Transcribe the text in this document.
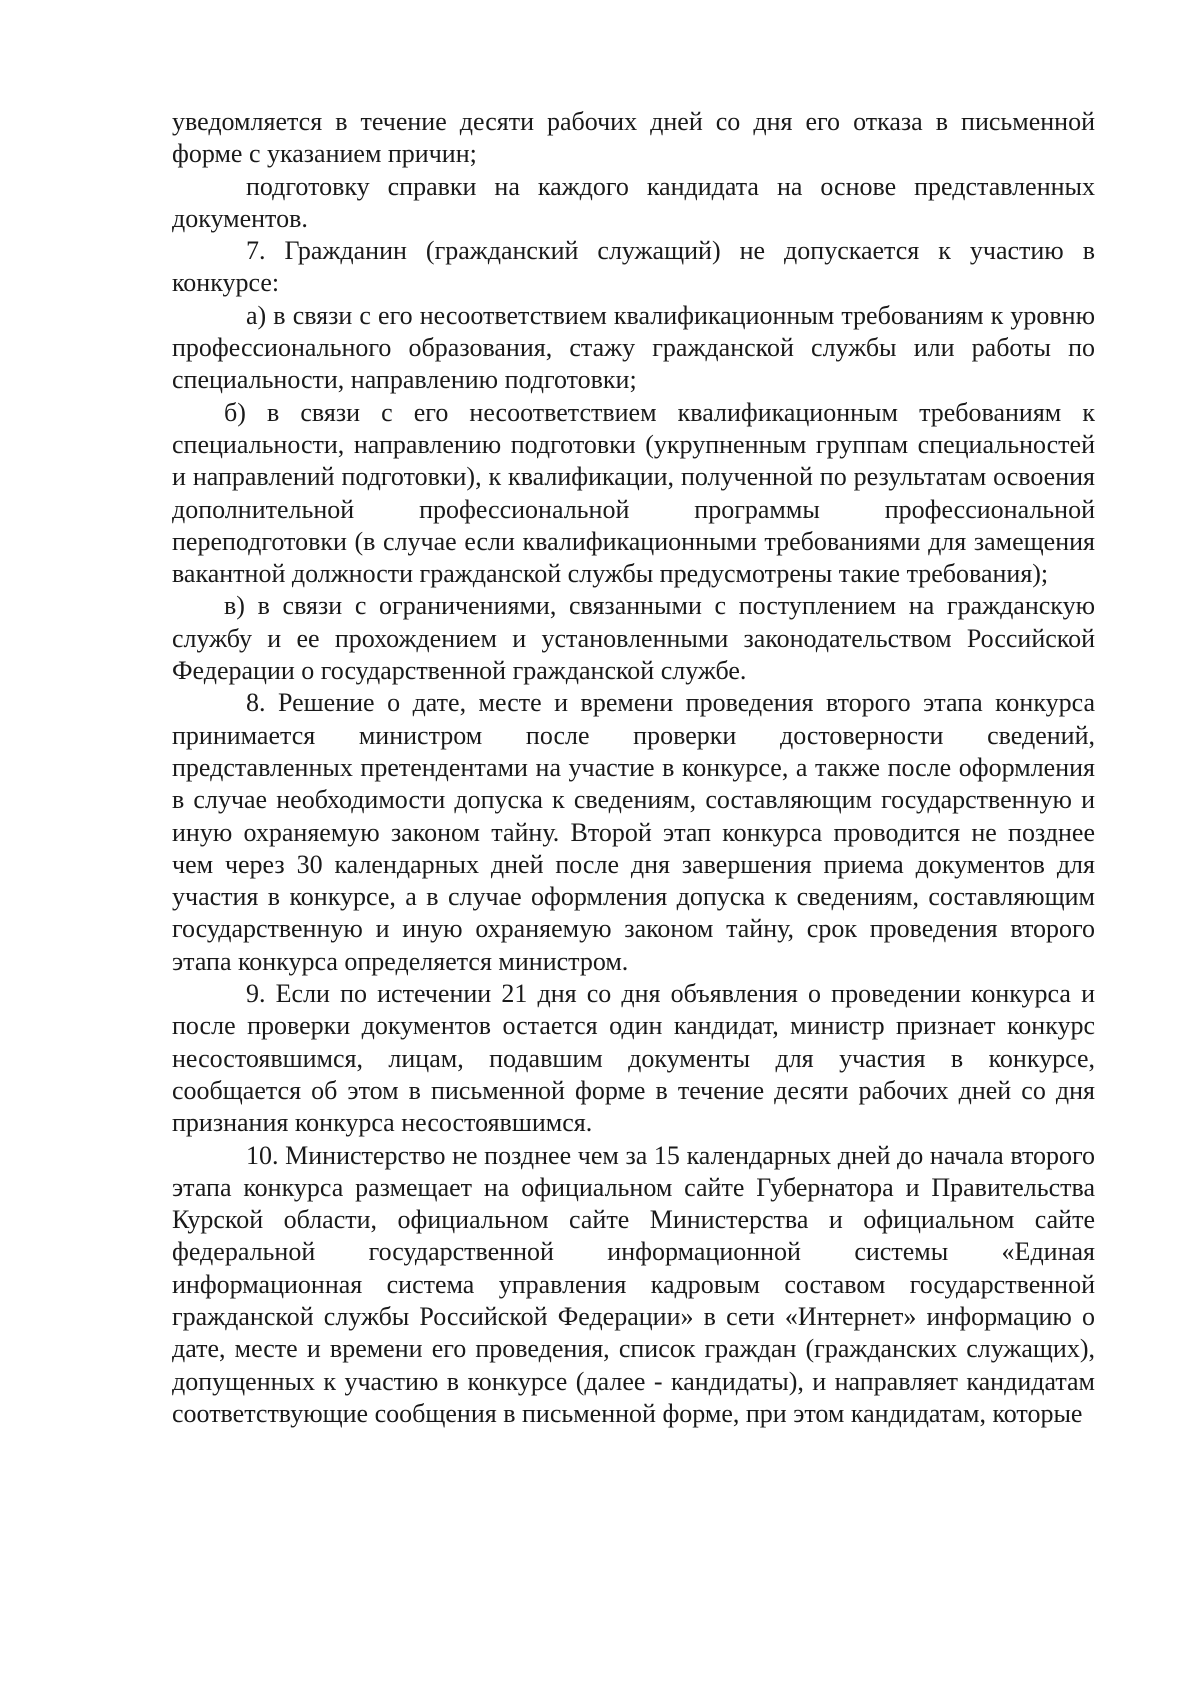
уведомляется в течение десяти рабочих дней со дня его отказа в письменной форме с указанием причин;

подготовку справки на каждого кандидата на основе представленных документов.

7. Гражданин (гражданский служащий) не допускается к участию в конкурсе:

а) в связи с его несоответствием квалификационным требованиям к уровню профессионального образования, стажу гражданской службы или работы по специальности, направлению подготовки;

б) в связи с его несоответствием квалификационным требованиям к специальности, направлению подготовки (укрупненным группам специальностей и направлений подготовки), к квалификации, полученной по результатам освоения дополнительной профессиональной программы профессиональной переподготовки (в случае если квалификационными требованиями для замещения вакантной должности гражданской службы предусмотрены такие требования);

в) в связи с ограничениями, связанными с поступлением на гражданскую службу и ее прохождением и установленными законодательством Российской Федерации о государственной гражданской службе.

8. Решение о дате, месте и времени проведения второго этапа конкурса принимается министром после проверки достоверности сведений, представленных претендентами на участие в конкурсе, а также после оформления в случае необходимости допуска к сведениям, составляющим государственную и иную охраняемую законом тайну. Второй этап конкурса проводится не позднее чем через 30 календарных дней после дня завершения приема документов для участия в конкурсе, а в случае оформления допуска к сведениям, составляющим государственную и иную охраняемую законом тайну, срок проведения второго этапа конкурса определяется министром.

9. Если по истечении 21 дня со дня объявления о проведении конкурса и после проверки документов остается один кандидат, министр признает конкурс несостоявшимся, лицам, подавшим документы для участия в конкурсе, сообщается об этом в письменной форме в течение десяти рабочих дней со дня признания конкурса несостоявшимся.

10. Министерство не позднее чем за 15 календарных дней до начала второго этапа конкурса размещает на официальном сайте Губернатора и Правительства Курской области, официальном сайте Министерства и официальном сайте федеральной государственной информационной системы «Единая информационная система управления кадровым составом государственной гражданской службы Российской Федерации» в сети «Интернет» информацию о дате, месте и времени его проведения, список граждан (гражданских служащих), допущенных к участию в конкурсе (далее - кандидаты), и направляет кандидатам соответствующие сообщения в письменной форме, при этом кандидатам, которые
